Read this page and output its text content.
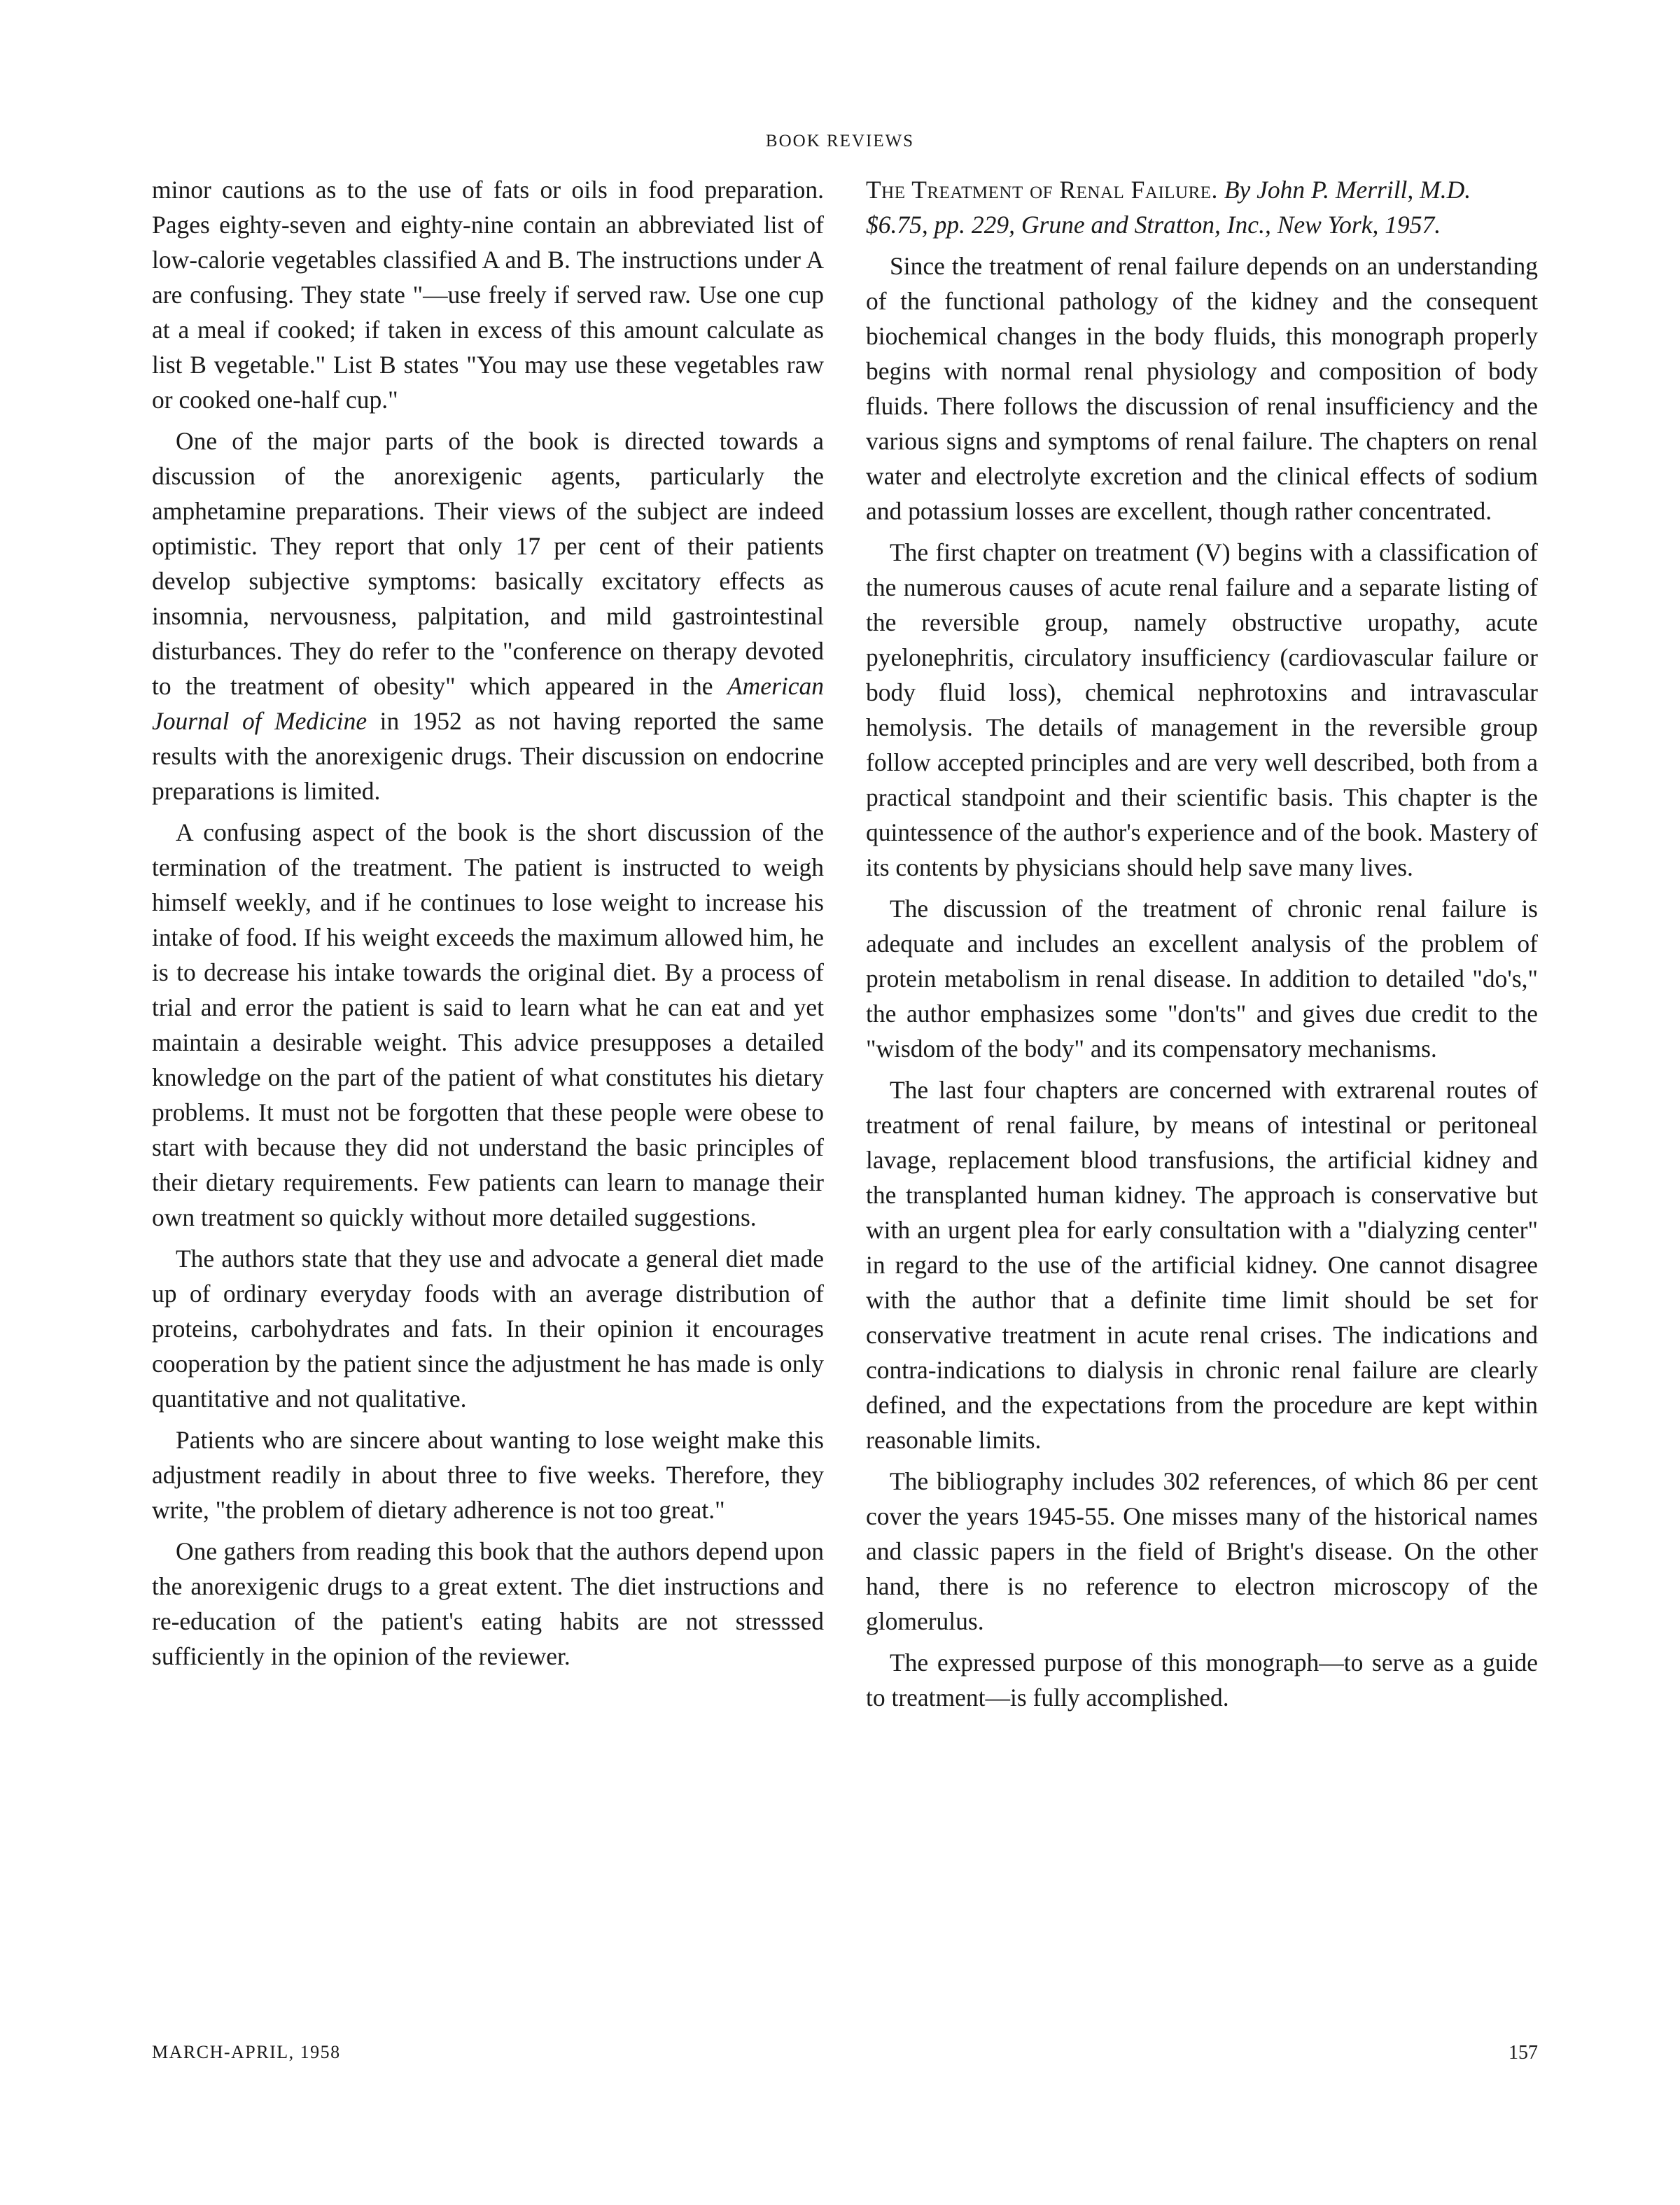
BOOK REVIEWS

minor cautions as to the use of fats or oils in food preparation. Pages eighty-seven and eighty-nine contain an abbreviated list of low-calorie vegetables classified A and B. The instructions under A are confusing. They state "—use freely if served raw. Use one cup at a meal if cooked; if taken in excess of this amount calculate as list B vegetable." List B states "You may use these vegetables raw or cooked one-half cup."

One of the major parts of the book is directed towards a discussion of the anorexigenic agents, particularly the amphetamine preparations. Their views of the subject are indeed optimistic. They report that only 17 per cent of their patients develop subjective symptoms: basically excitatory effects as insomnia, nervousness, palpitation, and mild gastrointestinal disturbances. They do refer to the "conference on therapy devoted to the treatment of obesity" which appeared in the American Journal of Medicine in 1952 as not having reported the same results with the anorexigenic drugs. Their discussion on endocrine preparations is limited.

A confusing aspect of the book is the short discussion of the termination of the treatment. The patient is instructed to weigh himself weekly, and if he continues to lose weight to increase his intake of food. If his weight exceeds the maximum allowed him, he is to decrease his intake towards the original diet. By a process of trial and error the patient is said to learn what he can eat and yet maintain a desirable weight. This advice presupposes a detailed knowledge on the part of the patient of what constitutes his dietary problems. It must not be forgotten that these people were obese to start with because they did not understand the basic principles of their dietary requirements. Few patients can learn to manage their own treatment so quickly without more detailed suggestions.

The authors state that they use and advocate a general diet made up of ordinary everyday foods with an average distribution of proteins, carbohydrates and fats. In their opinion it encourages cooperation by the patient since the adjustment he has made is only quantitative and not qualitative.

Patients who are sincere about wanting to lose weight make this adjustment readily in about three to five weeks. Therefore, they write, "the problem of dietary adherence is not too great."

One gathers from reading this book that the authors depend upon the anorexigenic drugs to a great extent. The diet instructions and re-education of the patient's eating habits are not stresssed sufficiently in the opinion of the reviewer.

The Treatment of Renal Failure. By John P. Merrill, M.D. $6.75, pp. 229, Grune and Stratton, Inc., New York, 1957.

Since the treatment of renal failure depends on an understanding of the functional pathology of the kidney and the consequent biochemical changes in the body fluids, this monograph properly begins with normal renal physiology and composition of body fluids. There follows the discussion of renal insufficiency and the various signs and symptoms of renal failure. The chapters on renal water and electrolyte excretion and the clinical effects of sodium and potassium losses are excellent, though rather concentrated.

The first chapter on treatment (V) begins with a classification of the numerous causes of acute renal failure and a separate listing of the reversible group, namely obstructive uropathy, acute pyelonephritis, circulatory insufficiency (cardiovascular failure or body fluid loss), chemical nephrotoxins and intravascular hemolysis. The details of management in the reversible group follow accepted principles and are very well described, both from a practical standpoint and their scientific basis. This chapter is the quintessence of the author's experience and of the book. Mastery of its contents by physicians should help save many lives.

The discussion of the treatment of chronic renal failure is adequate and includes an excellent analysis of the problem of protein metabolism in renal disease. In addition to detailed "do's," the author emphasizes some "don'ts" and gives due credit to the "wisdom of the body" and its compensatory mechanisms.

The last four chapters are concerned with extrarenal routes of treatment of renal failure, by means of intestinal or peritoneal lavage, replacement blood transfusions, the artificial kidney and the transplanted human kidney. The approach is conservative but with an urgent plea for early consultation with a "dialyzing center" in regard to the use of the artificial kidney. One cannot disagree with the author that a definite time limit should be set for conservative treatment in acute renal crises. The indications and contra-indications to dialysis in chronic renal failure are clearly defined, and the expectations from the procedure are kept within reasonable limits.

The bibliography includes 302 references, of which 86 per cent cover the years 1945-55. One misses many of the historical names and classic papers in the field of Bright's disease. On the other hand, there is no reference to electron microscopy of the glomerulus.

The expressed purpose of this monograph—to serve as a guide to treatment—is fully accomplished.

MARCH-APRIL, 1958	157
